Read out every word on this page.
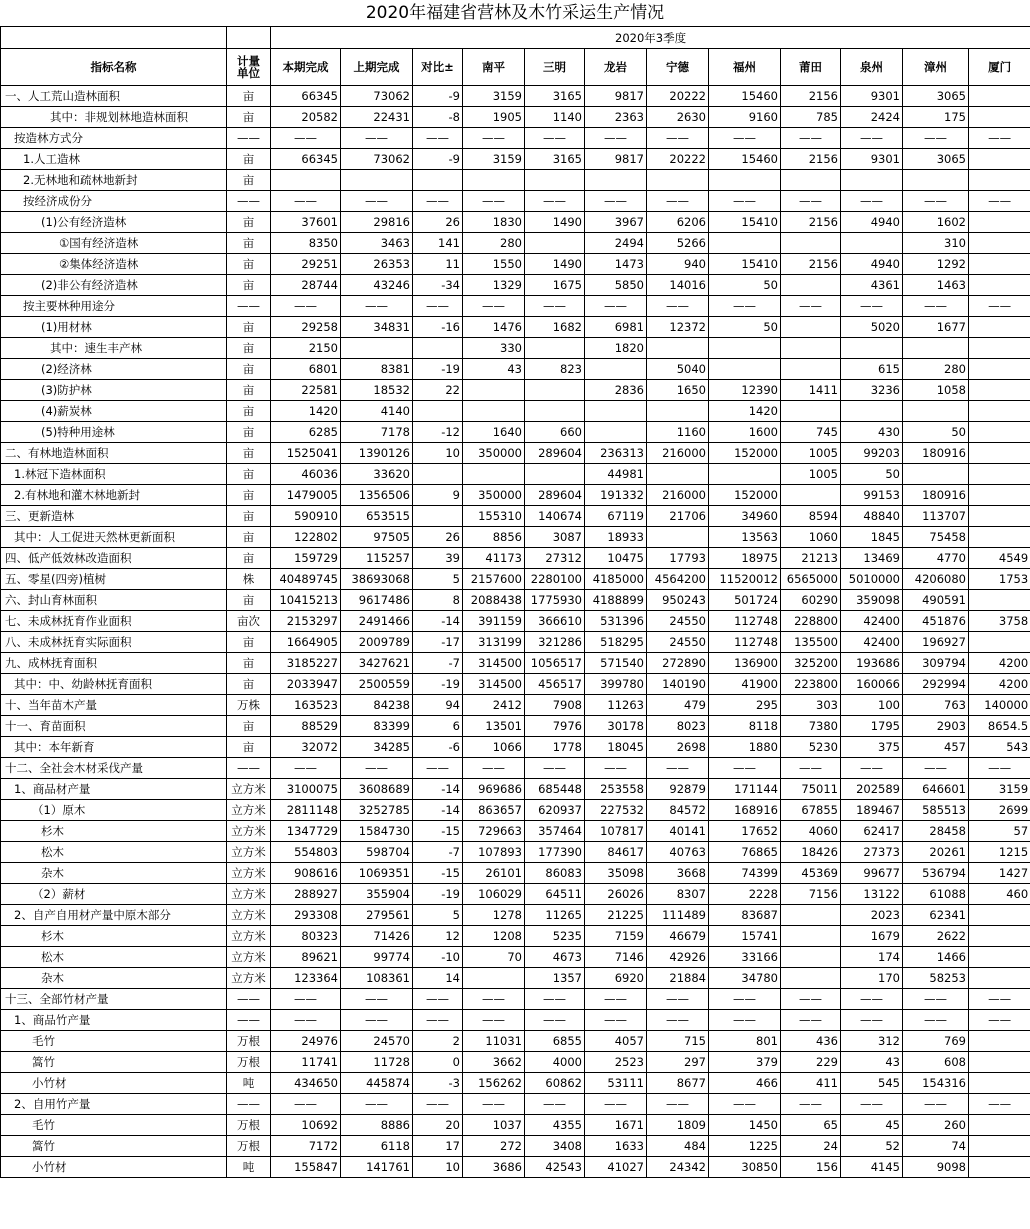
2020年福建省营林及木竹采运生产情况
		2020年3季度											
指标名称	计量单位	本期完成	上期完成	对比±	南平	三明	龙岩	宁德	福州	莆田	泉州	漳州	厦门
一、人工荒山造林面积	亩	66345	73062	-9	3159	3165	9817	20222	15460	2156	9301	3065	
其中：非规划林地造林面积	亩	20582	22431	-8	1905	1140	2363	2630	9160	785	2424	175	
按造林方式分	——	——	——	——	——	——	——	——	——	——	——	——	——
1.人工造林	亩	66345	73062	-9	3159	3165	9817	20222	15460	2156	9301	3065	
2.无林地和疏林地新封	亩												
按经济成份分	——	——	——	——	——	——	——	——	——	——	——	——	——
(1)公有经济造林	亩	37601	29816	26	1830	1490	3967	6206	15410	2156	4940	1602	
①国有经济造林	亩	8350	3463	141	280		2494	5266				310	
②集体经济造林	亩	29251	26353	11	1550	1490	1473	940	15410	2156	4940	1292	
(2)非公有经济造林	亩	28744	43246	-34	1329	1675	5850	14016	50		4361	1463	
按主要林种用途分	——	——	——	——	——	——	——	——	——	——	——	——	——
(1)用材林	亩	29258	34831	-16	1476	1682	6981	12372	50		5020	1677	
其中：速生丰产林	亩	2150			330		1820						
(2)经济林	亩	6801	8381	-19	43	823		5040			615	280	
(3)防护林	亩	22581	18532	22			2836	1650	12390	1411	3236	1058	
(4)薪炭林	亩	1420	4140						1420				
(5)特种用途林	亩	6285	7178	-12	1640	660		1160	1600	745	430	50	
二、有林地造林面积	亩	1525041	1390126	10	350000	289604	236313	216000	152000	1005	99203	180916	
1.林冠下造林面积	亩	46036	33620				44981			1005	50		
2.有林地和灌木林地新封	亩	1479005	1356506	9	350000	289604	191332	216000	152000		99153	180916	
三、更新造林	亩	590910	653515		155310	140674	67119	21706	34960	8594	48840	113707	
其中：人工促进天然林更新面积	亩	122802	97505	26	8856	3087	18933		13563	1060	1845	75458	
四、低产低效林改造面积	亩	159729	115257	39	41173	27312	10475	17793	18975	21213	13469	4770	4549
五、零星(四旁)植树	株	40489745	38693068	5	2157600	2280100	4185000	4564200	11520012	6565000	5010000	4206080	1753
六、封山育林面积	亩	10415213	9617486	8	2088438	1775930	4188899	950243	501724	60290	359098	490591	
七、未成林抚育作业面积	亩次	2153297	2491466	-14	391159	366610	531396	24550	112748	228800	42400	451876	3758
八、未成林抚育实际面积	亩	1664905	2009789	-17	313199	321286	518295	24550	112748	135500	42400	196927	
九、成林抚育面积	亩	3185227	3427621	-7	314500	1056517	571540	272890	136900	325200	193686	309794	4200
其中：中、幼龄林抚育面积	亩	2033947	2500559	-19	314500	456517	399780	140190	41900	223800	160066	292994	4200
十、当年苗木产量	万株	163523	84238	94	2412	7908	11263	479	295	303	100	763	140000
十一、育苗面积	亩	88529	83399	6	13501	7976	30178	8023	8118	7380	1795	2903	8654.5
其中：本年新育	亩	32072	34285	-6	1066	1778	18045	2698	1880	5230	375	457	543
十二、全社会木材采伐产量	——	——	——	——	——	——	——	——	——	——	——	——	——
1、商品材产量	立方米	3100075	3608689	-14	969686	685448	253558	92879	171144	75011	202589	646601	3159
（1）原木	立方米	2811148	3252785	-14	863657	620937	227532	84572	168916	67855	189467	585513	2699
杉木	立方米	1347729	1584730	-15	729663	357464	107817	40141	17652	4060	62417	28458	57
松木	立方米	554803	598704	-7	107893	177390	84617	40763	76865	18426	27373	20261	1215
杂木	立方米	908616	1069351	-15	26101	86083	35098	3668	74399	45369	99677	536794	1427
（2）薪材	立方米	288927	355904	-19	106029	64511	26026	8307	2228	7156	13122	61088	460
2、自产自用材产量中原木部分	立方米	293308	279561	5	1278	11265	21225	111489	83687		2023	62341	
杉木	立方米	80323	71426	12	1208	5235	7159	46679	15741		1679	2622	
松木	立方米	89621	99774	-10	70	4673	7146	42926	33166		174	1466	
杂木	立方米	123364	108361	14		1357	6920	21884	34780		170	58253	
十三、全部竹材产量	——	——	——	——	——	——	——	——	——	——	——	——	——
1、商品竹产量	——	——	——	——	——	——	——	——	——	——	——	——	——
毛竹	万根	24976	24570	2	11031	6855	4057	715	801	436	312	769	
篙竹	万根	11741	11728	0	3662	4000	2523	297	379	229	43	608	
小竹材	吨	434650	445874	-3	156262	60862	53111	8677	466	411	545	154316	
2、自用竹产量	——	——	——	——	——	——	——	——	——	——	——	——	——
毛竹	万根	10692	8886	20	1037	4355	1671	1809	1450	65	45	260	
篙竹	万根	7172	6118	17	272	3408	1633	484	1225	24	52	74	
小竹材	吨	155847	141761	10	3686	42543	41027	24342	30850	156	4145	9098	
